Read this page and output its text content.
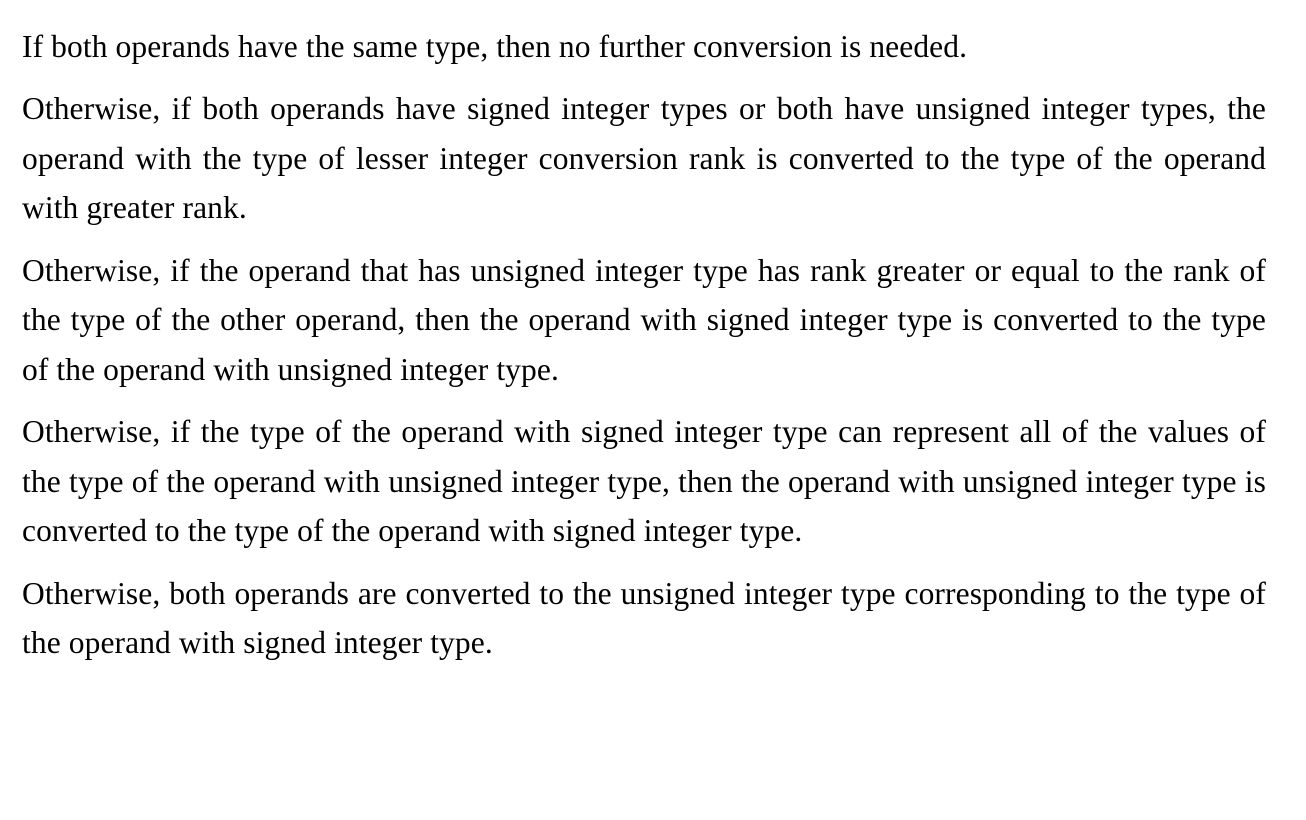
If both operands have the same type, then no further conversion is needed.

Otherwise, if both operands have signed integer types or both have unsigned integer types, the operand with the type of lesser integer conversion rank is converted to the type of the operand with greater rank.

Otherwise, if the operand that has unsigned integer type has rank greater or equal to the rank of the type of the other operand, then the operand with signed integer type is converted to the type of the operand with unsigned integer type.

Otherwise, if the type of the operand with signed integer type can represent all of the values of the type of the operand with unsigned integer type, then the operand with unsigned integer type is converted to the type of the operand with signed integer type.

Otherwise, both operands are converted to the unsigned integer type corresponding to the type of the operand with signed integer type.
